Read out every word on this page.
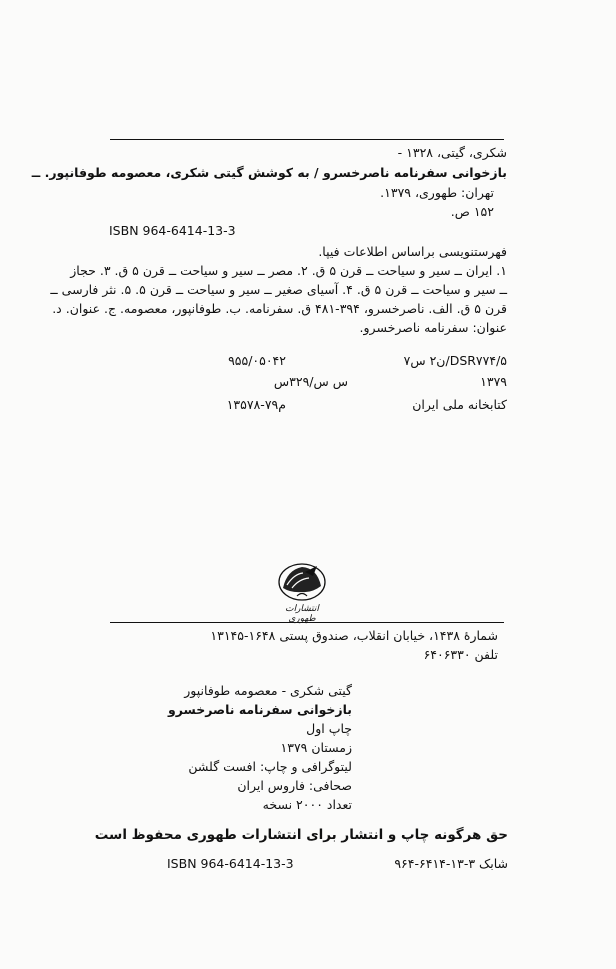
شکری، گیتی، ۱۳۲۸ -
بازخوانی سفرنامه ناصرخسرو / به کوشش گیتی شکری، معصومه طوفانپور. ــ
تهران: طهوری، ۱۳۷۹.
۱۵۲ ص.
ISBN 964-6414-13-3
فهرستنویسی براساس اطلاعات فیپا.
۱. ایران ــ سیر و سیاحت ــ قرن ۵ ق. ۲. مصر ــ سیر و سیاحت ــ قرن ۵ ق. ۳. حجاز
ــ سیر و سیاحت ــ قرن ۵ ق. ۴. آسیای صغیر ــ سیر و سیاحت ــ قرن ۵. ۵. نثر فارسی ــ
قرن ۵ ق. الف. ناصرخسرو، ۳۹۴-۴۸۱ ق. سفرنامه. ب. طوفانپور، معصومه. ج. عنوان. د.
عنوان: سفرنامه ناصرخسرو.
DSR۷۷۴/۵/ن۲ س۷
۹۵۵/۰۵۰۴۲
۱۳۷۹
س س/۳۲۹س
کتابخانه ملی ایران
م۷۹-۱۳۵۷۸
انتشارات طهوری
شمارهٔ ۱۴۳۸، خیابان انقلاب، صندوق پستی ۱۶۴۸-۱۳۱۴۵
تلفن ۶۴۰۶۳۳۰
گیتی شکری - معصومه طوفانپور
بازخوانی سفرنامه ناصرخسرو
چاپ اول
زمستان ۱۳۷۹
لیتوگرافی و چاپ: افست گلشن
صحافی: فاروس ایران
تعداد ۲۰۰۰ نسخه
حق هرگونه چاپ و انتشار برای انتشارات طهوری محفوظ است
شابک ۳-۱۳-۶۴۱۴-۹۶۴
ISBN 964-6414-13-3
